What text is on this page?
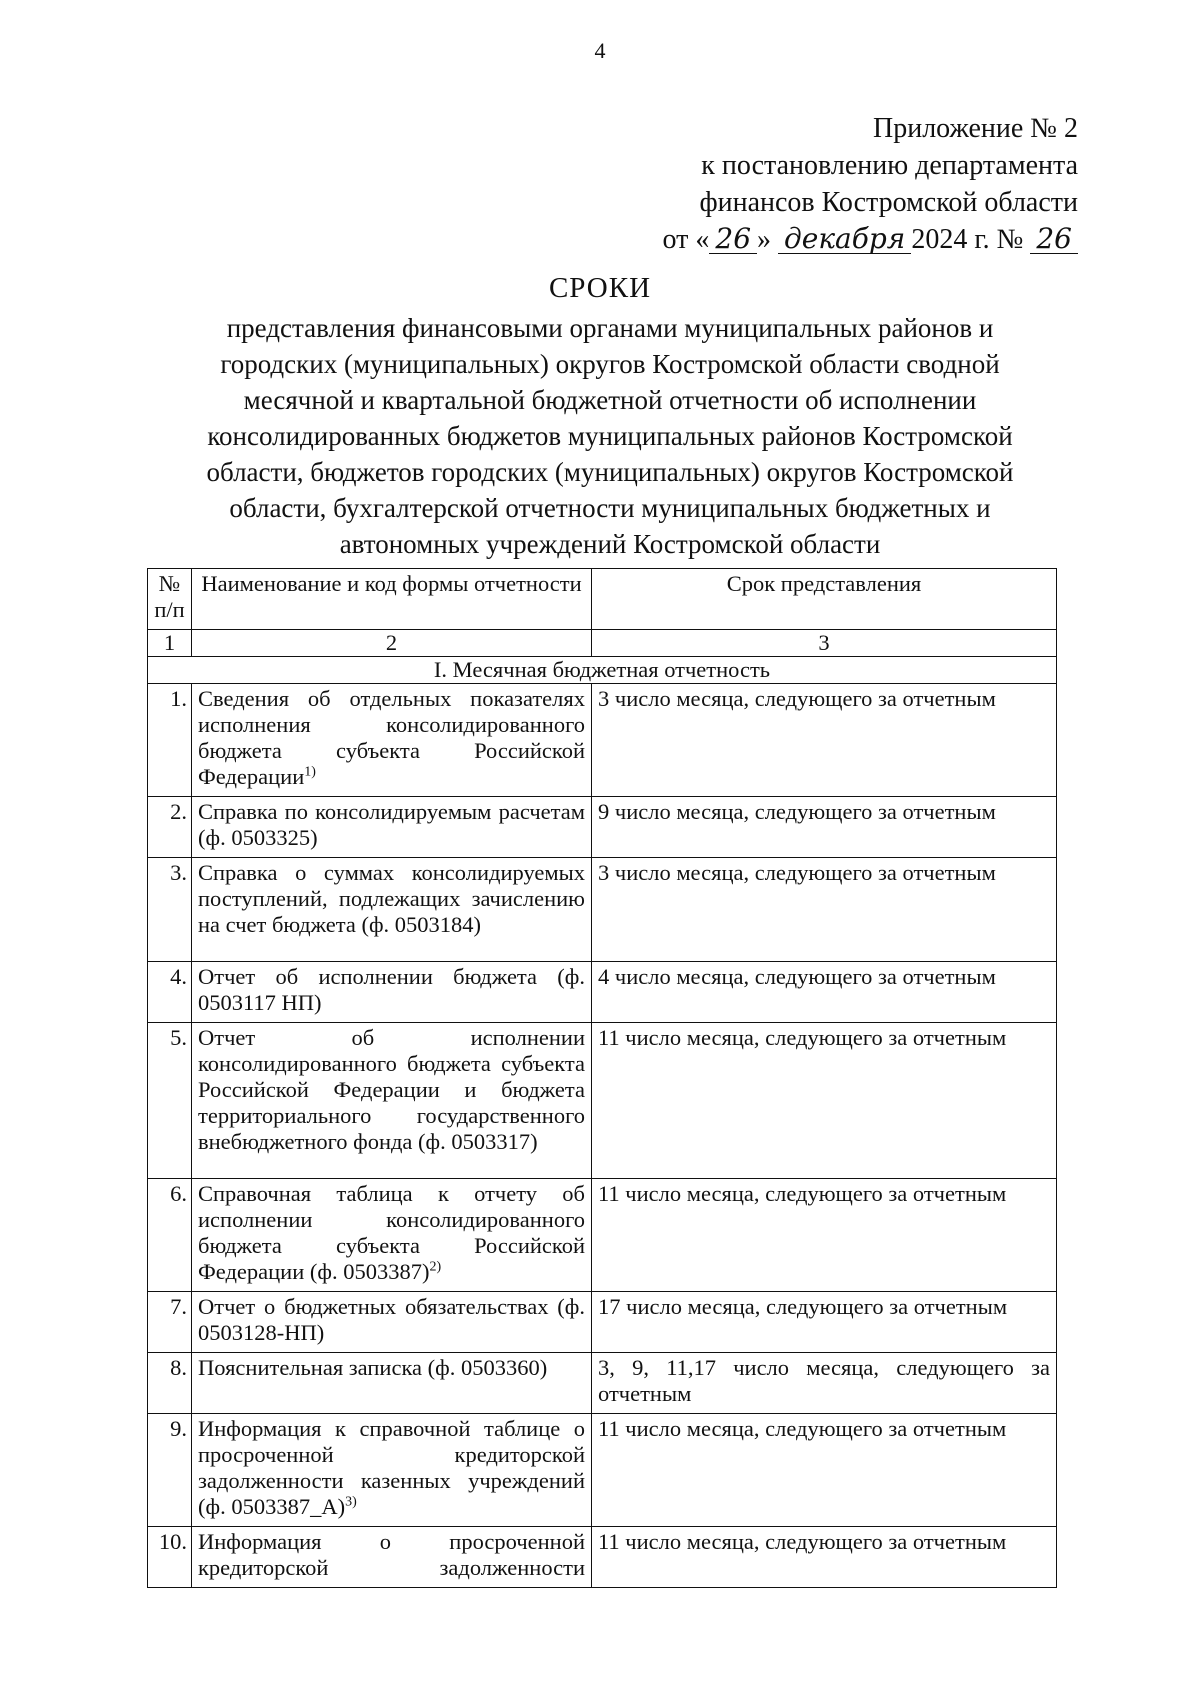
4
Приложение № 2
к постановлению департамента
финансов Костромской области
от « 26 » декабря 2024 г. № 26
СРОКИ
представления финансовыми органами муниципальных районов и городских (муниципальных) округов Костромской области сводной месячной и квартальной бюджетной отчетности об исполнении консолидированных бюджетов муниципальных районов Костромской области, бюджетов городских (муниципальных) округов Костромской области, бухгалтерской отчетности муниципальных бюджетных и автономных учреждений Костромской области
№ п/п	Наименование и код формы отчетности	Срок представления
1	2	3
I. Месячная бюджетная отчетность		
1.	Сведения об отдельных показателях исполнения консолидированного бюджета субъекта Российской Федерации$^{1)}$	3 число месяца, следующего за отчетным
2.	Справка по консолидируемым расчетам (ф. 0503325)	9 число месяца, следующего за отчетным
3.	Справка о суммах консолидируемых поступлений, подлежащих зачислению на счет бюджета (ф. 0503184)	3 число месяца, следующего за отчетным
4.	Отчет об исполнении бюджета (ф. 0503117 НП)	4 число месяца, следующего за отчетным
5.	Отчет об исполнении консолидированного бюджета субъекта Российской Федерации и бюджета территориального государственного внебюджетного фонда (ф. 0503317)	11 число месяца, следующего за отчетным
6.	Справочная таблица к отчету об исполнении консолидированного бюджета субъекта Российской Федерации (ф. 0503387)$^{2)}$	11 число месяца, следующего за отчетным
7.	Отчет о бюджетных обязательствах (ф. 0503128-НП)	17 число месяца, следующего за отчетным
8.	Пояснительная записка (ф. 0503360)	3, 9, 11,17 число месяца, следующего за отчетным
9.	Информация к справочной таблице о просроченной кредиторской задолженности казенных учреждений (ф. 0503387_А)$^{3)}$	11 число месяца, следующего за отчетным
10.	Информация о просроченной кредиторской задолженности	11 число месяца, следующего за отчетным
